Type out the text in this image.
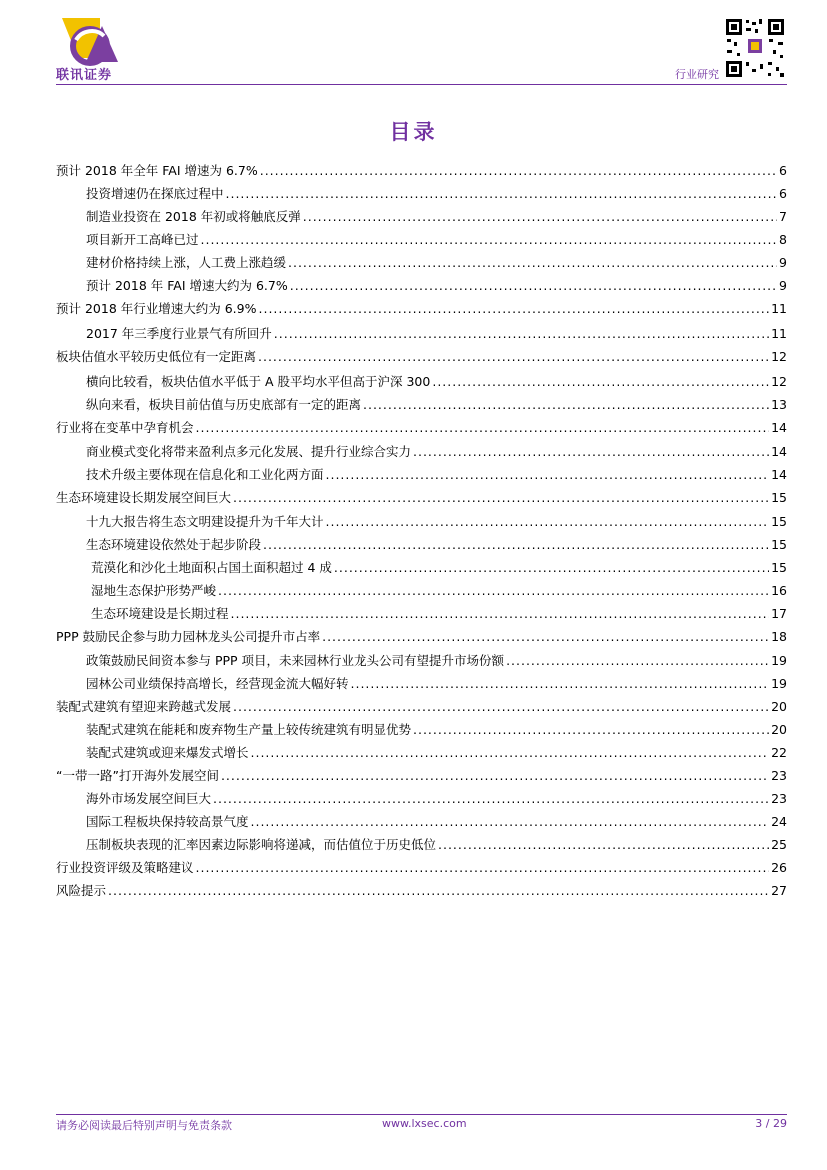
联讯证券	行业研究
目录
预计 2018 年全年 FAI 增速为 6.7% .....	6
投资增速仍在探底过程中 .....	6
制造业投资在 2018 年初或将触底反弹 .....	7
项目新开工高峰已过 .....	8
建材价格持续上涨，人工费上涨趋缓 .....	9
预计 2018 年 FAI 增速大约为 6.7% .....	9
预计 2018 年行业增速大约为 6.9% .....	11
2017 年三季度行业景气有所回升 .....	11
板块估值水平较历史低位有一定距离 .....	12
横向比较看，板块估值水平低于 A 股平均水平但高于沪深 300 .....	12
纵向来看，板块目前估值与历史底部有一定的距离 .....	13
行业将在变革中孕育机会 .....	14
商业模式变化将带来盈利点多元化发展、提升行业综合实力 .....	14
技术升级主要体现在信息化和工业化两方面 .....	14
生态环境建设长期发展空间巨大 .....	15
十九大报告将生态文明建设提升为千年大计 .....	15
生态环境建设依然处于起步阶段 .....	15
荒漠化和沙化土地面积占国土面积超过 4 成 .....	15
湿地生态保护形势严峻 .....	16
生态环境建设是长期过程 .....	17
PPP 鼓励民企参与助力园林龙头公司提升市占率 .....	18
政策鼓励民间资本参与 PPP 项目，未来园林行业龙头公司有望提升市场份额 .....	19
园林公司业绩保持高增长，经营现金流大幅好转 .....	19
装配式建筑有望迎来跨越式发展 .....	20
装配式建筑在能耗和废弃物生产量上较传统建筑有明显优势 .....	20
装配式建筑或迎来爆发式增长 .....	22
“一带一路”打开海外发展空间 .....	23
海外市场发展空间巨大 .....	23
国际工程板块保持较高景气度 .....	24
压制板块表现的汇率因素边际影响将递减，而估值位于历史低位 .....	25
行业投资评级及策略建议 .....	26
风险提示 .....	27
请务必阅读最后特别声明与免责条款	www.lxsec.com	3 / 29
